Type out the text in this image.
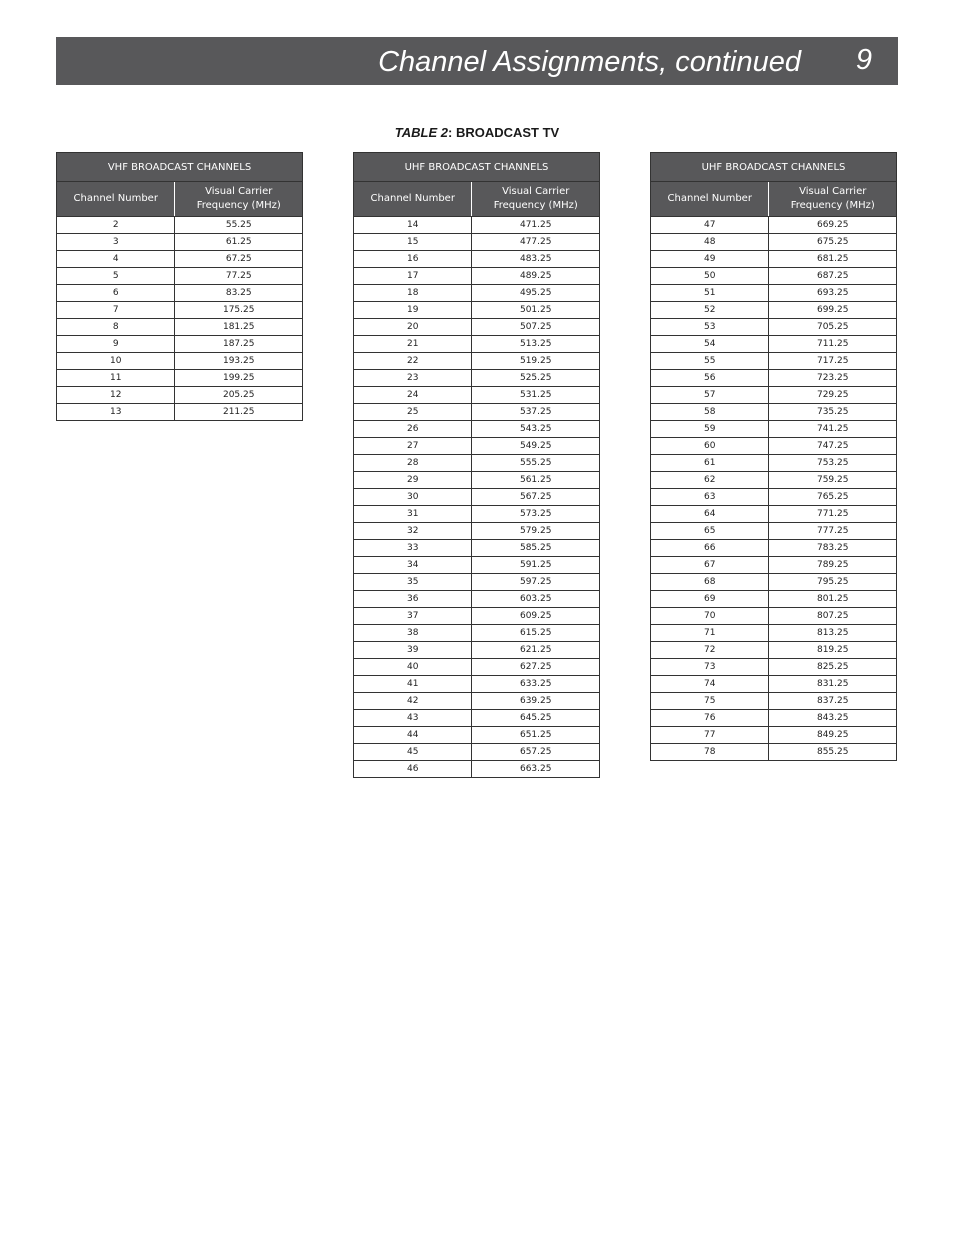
Channel Assignments, continued 9
TABLE 2: BROADCAST TV
VHF BROADCAST CHANNELS	
Channel Number	Visual Carrier
Frequency (MHz)
2	55.25
3	61.25
4	67.25
5	77.25
6	83.25
7	175.25
8	181.25
9	187.25
10	193.25
11	199.25
12	205.25
13	211.25
UHF BROADCAST CHANNELS	
Channel Number	Visual Carrier
Frequency (MHz)
14	471.25
15	477.25
16	483.25
17	489.25
18	495.25
19	501.25
20	507.25
21	513.25
22	519.25
23	525.25
24	531.25
25	537.25
26	543.25
27	549.25
28	555.25
29	561.25
30	567.25
31	573.25
32	579.25
33	585.25
34	591.25
35	597.25
36	603.25
37	609.25
38	615.25
39	621.25
40	627.25
41	633.25
42	639.25
43	645.25
44	651.25
45	657.25
46	663.25
UHF BROADCAST CHANNELS	
Channel Number	Visual Carrier
Frequency (MHz)
47	669.25
48	675.25
49	681.25
50	687.25
51	693.25
52	699.25
53	705.25
54	711.25
55	717.25
56	723.25
57	729.25
58	735.25
59	741.25
60	747.25
61	753.25
62	759.25
63	765.25
64	771.25
65	777.25
66	783.25
67	789.25
68	795.25
69	801.25
70	807.25
71	813.25
72	819.25
73	825.25
74	831.25
75	837.25
76	843.25
77	849.25
78	855.25
